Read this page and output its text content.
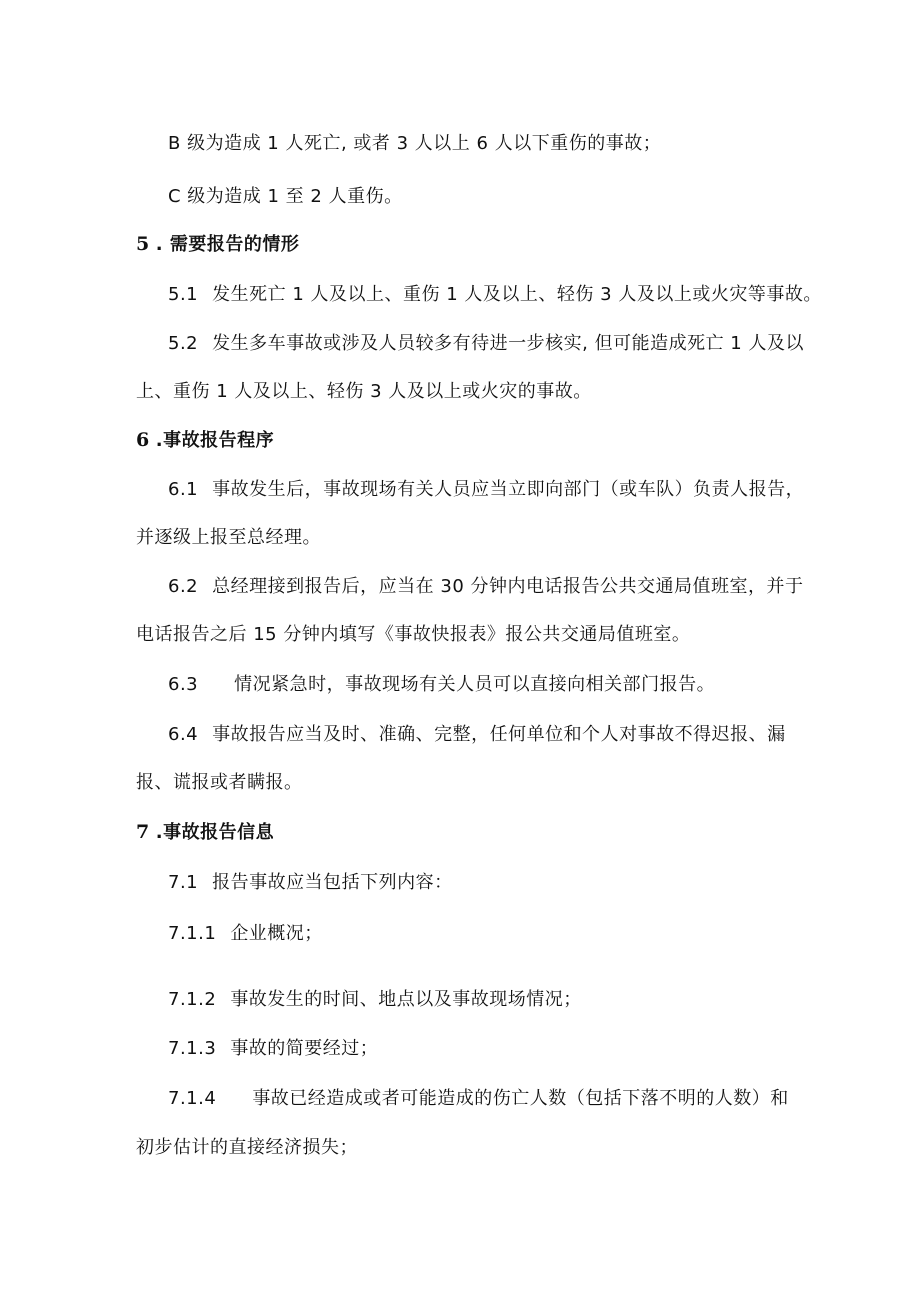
B 级为造成 1 人死亡, 或者 3 人以上 6 人以下重伤的事故；
C 级为造成 1 至 2 人重伤。
5 . 需要报告的情形
5.1 发生死亡 1 人及以上、重伤 1 人及以上、轻伤 3 人及以上或火灾等事故。
5.2 发生多车事故或涉及人员较多有待进一步核实, 但可能造成死亡 1 人及以
上、重伤 1 人及以上、轻伤 3 人及以上或火灾的事故。
6 .事故报告程序
6.1 事故发生后，事故现场有关人员应当立即向部门（或车队）负责人报告，
并逐级上报至总经理。
6.2 总经理接到报告后，应当在 30 分钟内电话报告公共交通局值班室，并于
电话报告之后 15 分钟内填写《事故快报表》报公共交通局值班室。
6.3 情况紧急时，事故现场有关人员可以直接向相关部门报告。
6.4 事故报告应当及时、准确、完整，任何单位和个人对事故不得迟报、漏
报、谎报或者瞒报。
7 .事故报告信息
7.1 报告事故应当包括下列内容：
7.1.1 企业概况；
7.1.2 事故发生的时间、地点以及事故现场情况；
7.1.3 事故的简要经过；
7.1.4 事故已经造成或者可能造成的伤亡人数（包括下落不明的人数）和
初步估计的直接经济损失；
